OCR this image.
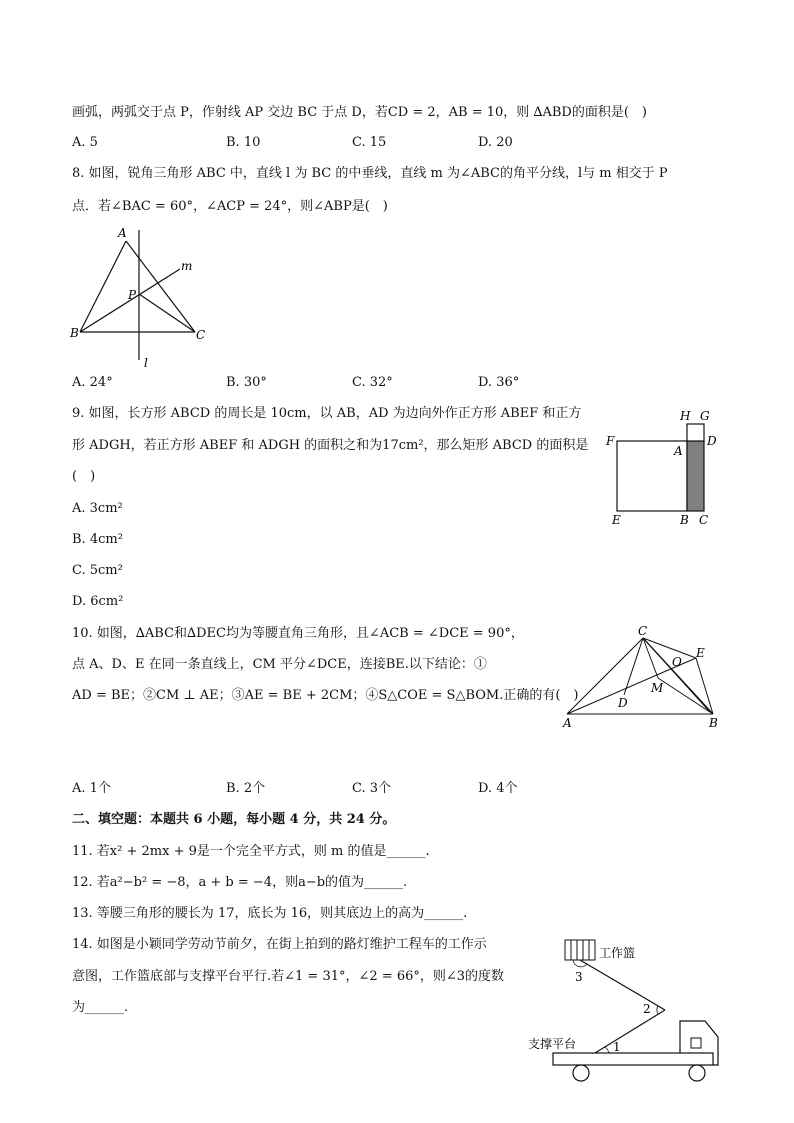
画弧，两弧交于点 P，作射线 AP 交边 BC 于点 D，若CD = 2，AB = 10，则 ∆ABD的面积是(　)
A. 5	B. 10	C. 15	D. 20
8. 如图，锐角三角形 ABC 中，直线 l 为 BC 的中垂线，直线 m 为∠ABC的角平分线，l与 m 相交于 P
点．若∠BAC = 60°，∠ACP = 24°，则∠ABP是(　)
A
B	C
P
m
l
A. 24°	B. 30°	C. 32°	D. 36°
9. 如图，长方形 ABCD 的周长是 10cm，以 AB，AD 为边向外作正方形 ABEF 和正方
形 ADGH，若正方形 ABEF 和 ADGH 的面积之和为17cm²，那么矩形 ABCD 的面积是
(　)
A. 3cm²
B. 4cm²
C. 5cm²
D. 6cm²
H G
F	D
A
E	B C
10. 如图，∆ABC和∆DEC均为等腰直角三角形，且∠ACB = ∠DCE = 90°，
点 A、D、E 在同一条直线上，CM 平分∠DCE，连接BE.以下结论：①
AD = BE；②CM ⊥ AE；③AE = BE + 2CM；④S△COE = S△BOM.正确的有(　)
C
E
O
M
D
A	B
A. 1个	B. 2个	C. 3个	D. 4个
二、填空题：本题共 6 小题，每小题 4 分，共 24 分。
11. 若x² + 2mx + 9是一个完全平方式，则 m 的值是______.
12. 若a²−b² = −8，a + b = −4，则a−b的值为______.
13. 等腰三角形的腰长为 17，底长为 16，则其底边上的高为______.
14. 如图是小颖同学劳动节前夕，在街上拍到的路灯维护工程车的工作示
意图，工作篮底部与支撑平台平行.若∠1 = 31°，∠2 = 66°，则∠3的度数
为______.
工作篮
3
2
1
支撑平台
